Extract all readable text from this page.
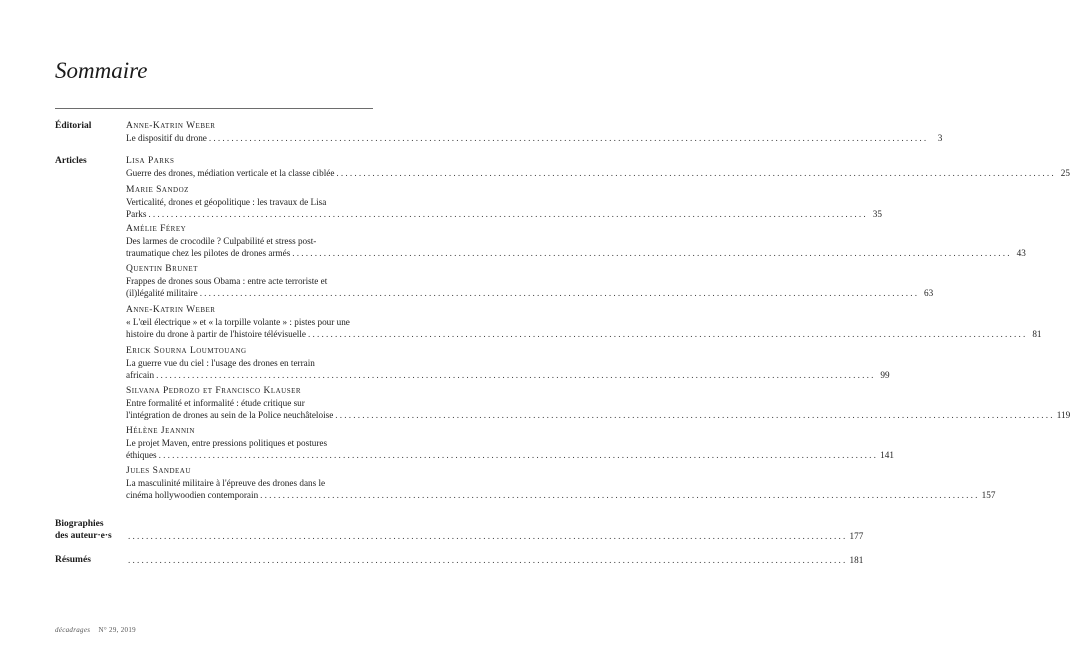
Sommaire
Éditorial	Anne-Katrin Weber
Le dispositif du drone ................................................................................................................................................................	3
Articles	Lisa Parks
Guerre des drones, médiation verticale et la classe ciblée ................................................................................................................................................................ 25
Marie Sandoz
Verticalité, drones et géopolitique : les travaux de Lisa
Parks ................................................................................................................................................................ 35
Amélie Férey
Des larmes de crocodile ? Culpabilité et stress post-
traumatique chez les pilotes de drones armés ................................................................................................................................................................ 43
Quentin Brunet
Frappes de drones sous Obama : entre acte terroriste et
(il)légalité militaire ................................................................................................................................................................ 63
Anne-Katrin Weber
« L'œil électrique » et « la torpille volante » : pistes pour une
histoire du drone à partir de l'histoire télévisuelle ................................................................................................................................................................ 81
Erick Sourna Loumtouang
La guerre vue du ciel : l'usage des drones en terrain
africain ................................................................................................................................................................ 99
Silvana Pedrozo et Francisco Klauser
Entre formalité et informalité : étude critique sur
l'intégration de drones au sein de la Police neuchâteloise ................................................................................................................................................................ 119
Hélène Jeannin
Le projet Maven, entre pressions politiques et postures
éthiques ................................................................................................................................................................ 141
Jules Sandeau
La masculinité militaire à l'épreuve des drones dans le
cinéma hollywoodien contemporain ................................................................................................................................................................ 157
Biographies
des auteur·e·s	................................................................................................................................................................ 177
Résumés	................................................................................................................................................................ 181
décadrages N° 29, 2019
